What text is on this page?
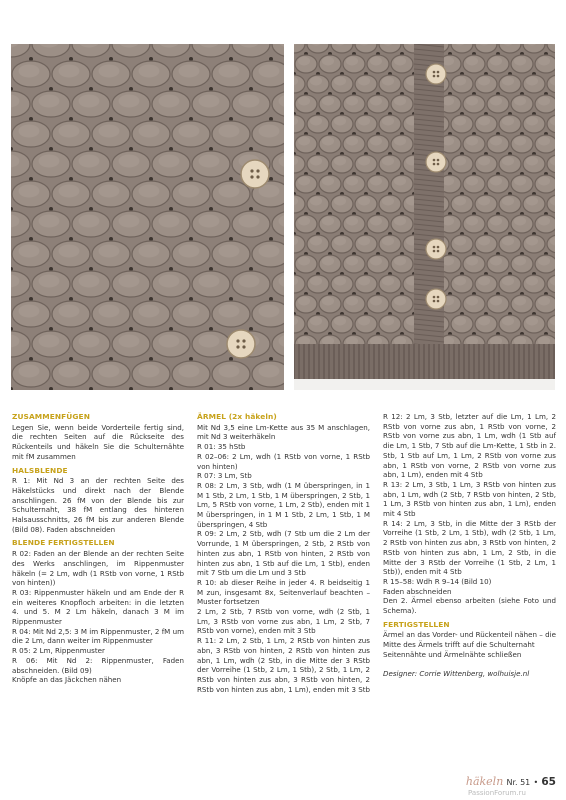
ZUSAMMENFÜGEN

Legen Sie, wenn beide Vorderteile fertig sind, die rechten Seiten auf die Rückseite des Rückenteils und häkeln Sie die Schulternähte mit fM zusammen

HALSBLENDE

R 1: Mit Nd 3 an der rechten Seite des Häkelstücks und direkt nach der Blende anschlingen. 26 fM von der Blende bis zur Schulternaht, 38 fM entlang des hinteren Halsausschnitts, 26 fM bis zur anderen Blende (Bild 08). Faden abschneiden

BLENDE FERTIGSTELLEN

R 02: Faden an der Blende an der rechten Seite des Werks anschlingen, im Rippenmuster häkeln (= 2 Lm, wdh (1 RStb von vorne, 1 RStb von hinten))

R 03: Rippenmuster häkeln und am Ende der R ein weiteres Knopfloch arbeiten: in die letzten 4. und 5. M 2 Lm häkeln, danach 3 M im Rippenmuster

R 04: Mit Nd 2,5: 3 M im Rippenmuster, 2 fM um die 2 Lm, dann weiter im Rippenmuster

R 05: 2 Lm, Rippenmuster

R 06: Mit Nd 2: Rippenmuster, Faden abschneiden. (Bild 09)

Knöpfe an das Jäckchen nähen

ÄRMEL (2x häkeln)

Mit Nd 3,5 eine Lm-Kette aus 35 M anschlagen, mit Nd 3 weiterhäkeln

R 01: 35 hStb

R 02–06: 2 Lm, wdh (1 RStb von vorne, 1 RStb von hinten)

R 07: 3 Lm, Stb

R 08: 2 Lm, 3 Stb, wdh (1 M überspringen, in 1 M 1 Stb, 2 Lm, 1 Stb, 1 M überspringen, 2 Stb, 1 Lm, 5 RStb von vorne, 1 Lm, 2 Stb), enden mit 1 M überspringen, in 1 M 1 Stb, 2 Lm, 1 Stb, 1 M überspringen, 4 Stb

R 09: 2 Lm, 2 Stb, wdh (7 Stb um die 2 Lm der Vorrunde, 1 M überspringen, 2 Stb, 2 RStb von hinten zus abn, 1 RStb von hinten, 2 RStb von hinten zus abn, 1 Stb auf die Lm, 1 Stb), enden mit 7 Stb um die Lm und 3 Stb

R 10: ab dieser Reihe in jeder 4. R beidseitig 1 M zun, insgesamt 8x, Seitenverlauf beachten – Muster fortsetzen

2 Lm, 2 Stb, 7 RStb von vorne, wdh (2 Stb, 1 Lm, 3 RStb von vorne zus abn, 1 Lm, 2 Stb, 7 RStb von vorne), enden mit 3 Stb

R 11: 2 Lm, 2 Stb, 1 Lm, 2 RStb von hinten zus abn, 3 RStb von hinten, 2 RStb von hinten zus abn, 1 Lm, wdh (2 Stb, in die Mitte der 3 RStb der Vorreihe (1 Stb, 2 Lm, 1 Stb), 2 Stb, 1 Lm, 2 RStb von hinten zus abn, 3 RStb von hinten, 2 RStb von hinten zus abn, 1 Lm), enden mit 3 Stb

R 12: 2 Lm, 3 Stb, letzter auf die Lm, 1 Lm, 2 RStb von vorne zus abn, 1 RStb von vorne, 2 RStb von vorne zus abn, 1 Lm, wdh (1 Stb auf die Lm, 1 Stb, 7 Stb auf die Lm-Kette, 1 Stb in 2. Stb, 1 Stb auf Lm, 1 Lm, 2 RStb von vorne zus abn, 1 RStb von vorne, 2 RStb von vorne zus abn, 1 Lm), enden mit 4 Stb

R 13: 2 Lm, 3 Stb, 1 Lm, 3 RStb von hinten zus abn, 1 Lm, wdh (2 Stb, 7 RStb von hinten, 2 Stb, 1 Lm, 3 RStb von hinten zus abn, 1 Lm), enden mit 4 Stb

R 14: 2 Lm, 3 Stb, in die Mitte der 3 RStb der Vorreihe (1 Stb, 2 Lm, 1 Stb), wdh (2 Stb, 1 Lm, 2 RStb von hinten zus abn, 3 RStb von hinten, 2 RStb von hinten zus abn, 1 Lm, 2 Stb, in die Mitte der 3 RStb der Vorreihe (1 Stb, 2 Lm, 1 Stb)), enden mit 4 Stb

R 15–58: Wdh R 9–14 (Bild 10)

Faden abschneiden

Den 2. Ärmel ebenso arbeiten (siehe Foto und Schema).

FERTIGSTELLEN

Ärmel an das Vorder- und Rückenteil nähen – die Mitte des Ärmels trifft auf die Schulternaht

Seitennähte und Ärmelnähte schließen

Designer: Corrie Wittenberg, wolhuisje.nl
häkeln Nr. 51 • 65
PassionForum.ru
